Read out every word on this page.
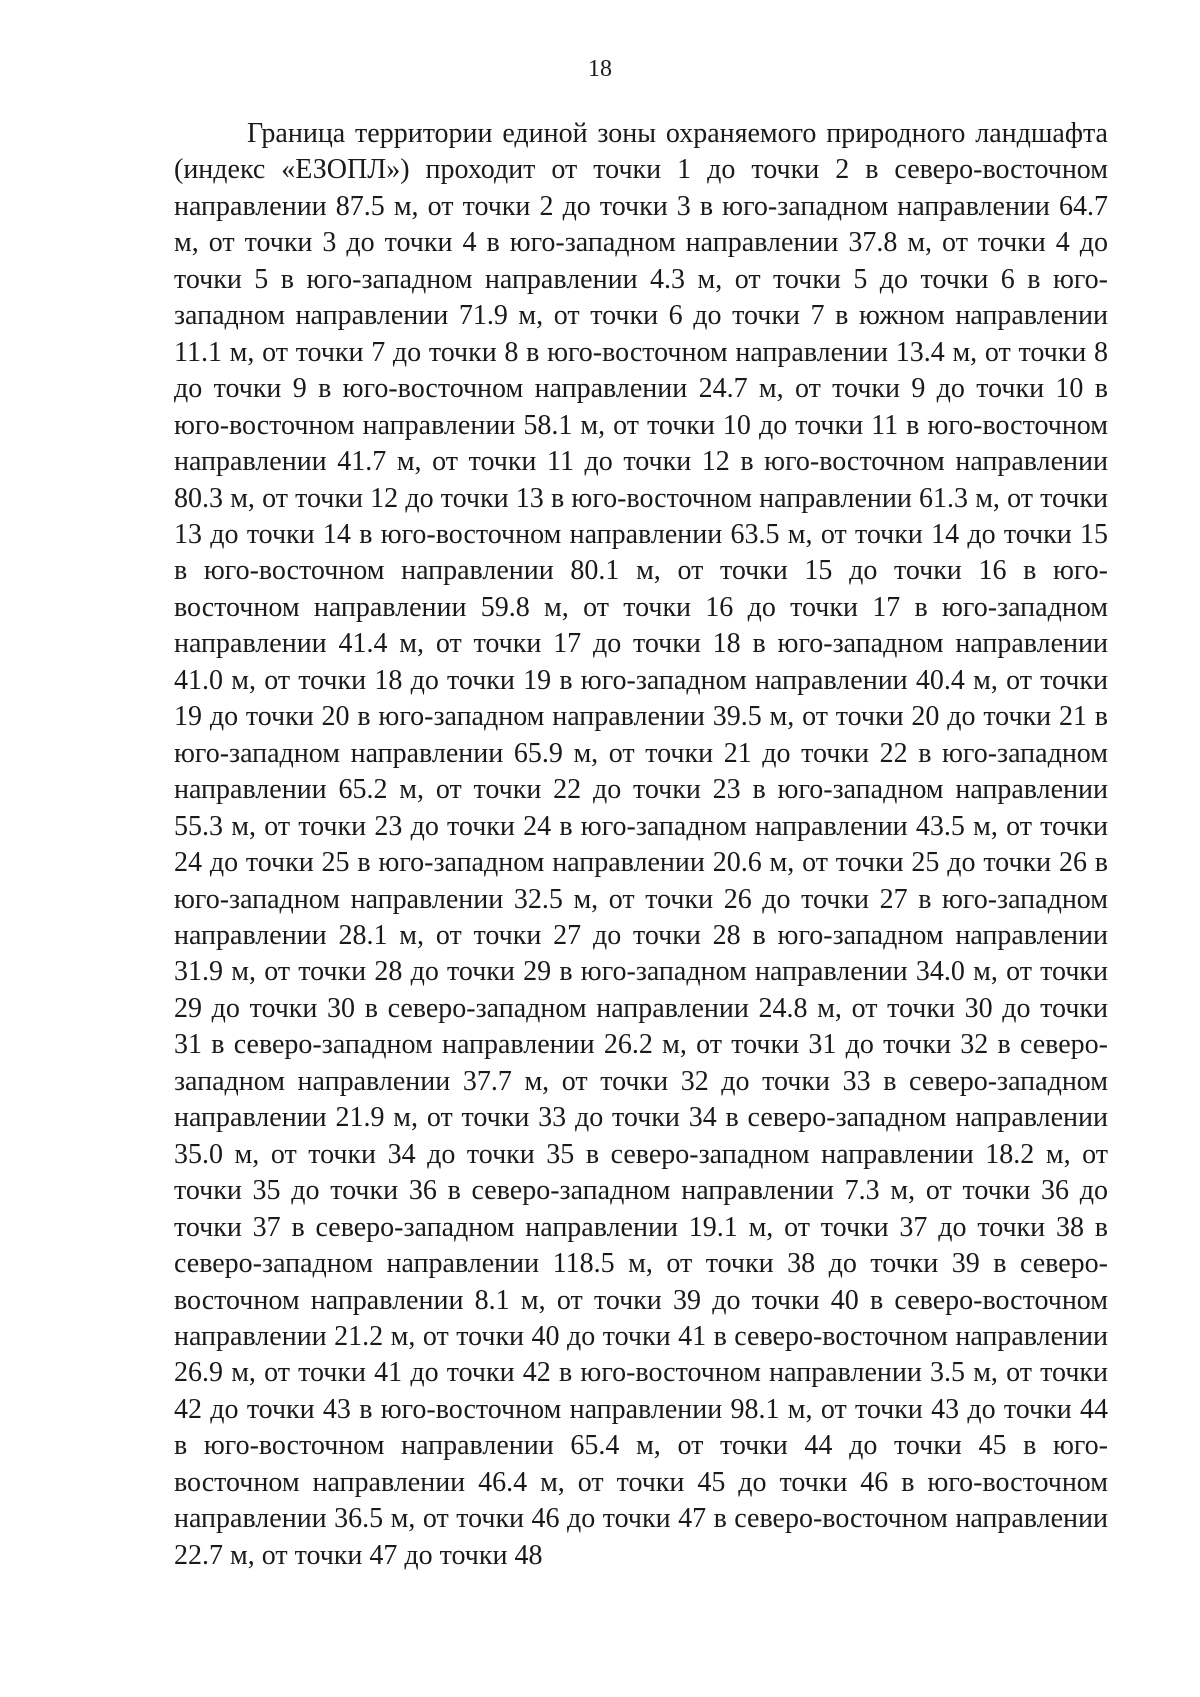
18

Граница территории единой зоны охраняемого природного ландшафта (индекс «ЕЗОПЛ») проходит от точки 1 до точки 2 в северо-восточном направлении 87.5 м, от точки 2 до точки 3 в юго-западном направлении 64.7 м, от точки 3 до точки 4 в юго-западном направлении 37.8 м, от точки 4 до точки 5 в юго-западном направлении 4.3 м, от точки 5 до точки 6 в юго-западном направлении 71.9 м, от точки 6 до точки 7 в южном направлении 11.1 м, от точки 7 до точки 8 в юго-восточном направлении 13.4 м, от точки 8 до точки 9 в юго-восточном направлении 24.7 м, от точки 9 до точки 10 в юго-восточном направлении 58.1 м, от точки 10 до точки 11 в юго-восточном направлении 41.7 м, от точки 11 до точки 12 в юго-восточном направлении 80.3 м, от точки 12 до точки 13 в юго-восточном направлении 61.3 м, от точки 13 до точки 14 в юго-восточном направлении 63.5 м, от точки 14 до точки 15 в юго-восточном направлении 80.1 м, от точки 15 до точки 16 в юго-восточном направлении 59.8 м, от точки 16 до точки 17 в юго-западном направлении 41.4 м, от точки 17 до точки 18 в юго-западном направлении 41.0 м, от точки 18 до точки 19 в юго-западном направлении 40.4 м, от точки 19 до точки 20 в юго-западном направлении 39.5 м, от точки 20 до точки 21 в юго-западном направлении 65.9 м, от точки 21 до точки 22 в юго-западном направлении 65.2 м, от точки 22 до точки 23 в юго-западном направлении 55.3 м, от точки 23 до точки 24 в юго-западном направлении 43.5 м, от точки 24 до точки 25 в юго-западном направлении 20.6 м, от точки 25 до точки 26 в юго-западном направлении 32.5 м, от точки 26 до точки 27 в юго-западном направлении 28.1 м, от точки 27 до точки 28 в юго-западном направлении 31.9 м, от точки 28 до точки 29 в юго-западном направлении 34.0 м, от точки 29 до точки 30 в северо-западном направлении 24.8 м, от точки 30 до точки 31 в северо-западном направлении 26.2 м, от точки 31 до точки 32 в северо-западном направлении 37.7 м, от точки 32 до точки 33 в северо-западном направлении 21.9 м, от точки 33 до точки 34 в северо-западном направлении 35.0 м, от точки 34 до точки 35 в северо-западном направлении 18.2 м, от точки 35 до точки 36 в северо-западном направлении 7.3 м, от точки 36 до точки 37 в северо-западном направлении 19.1 м, от точки 37 до точки 38 в северо-западном направлении 118.5 м, от точки 38 до точки 39 в северо-восточном направлении 8.1 м, от точки 39 до точки 40 в северо-восточном направлении 21.2 м, от точки 40 до точки 41 в северо-восточном направлении 26.9 м, от точки 41 до точки 42 в юго-восточном направлении 3.5 м, от точки 42 до точки 43 в юго-восточном направлении 98.1 м, от точки 43 до точки 44 в юго-восточном направлении 65.4 м, от точки 44 до точки 45 в юго-восточном направлении 46.4 м, от точки 45 до точки 46 в юго-восточном направлении 36.5 м, от точки 46 до точки 47 в северо-восточном направлении 22.7 м, от точки 47 до точки 48
